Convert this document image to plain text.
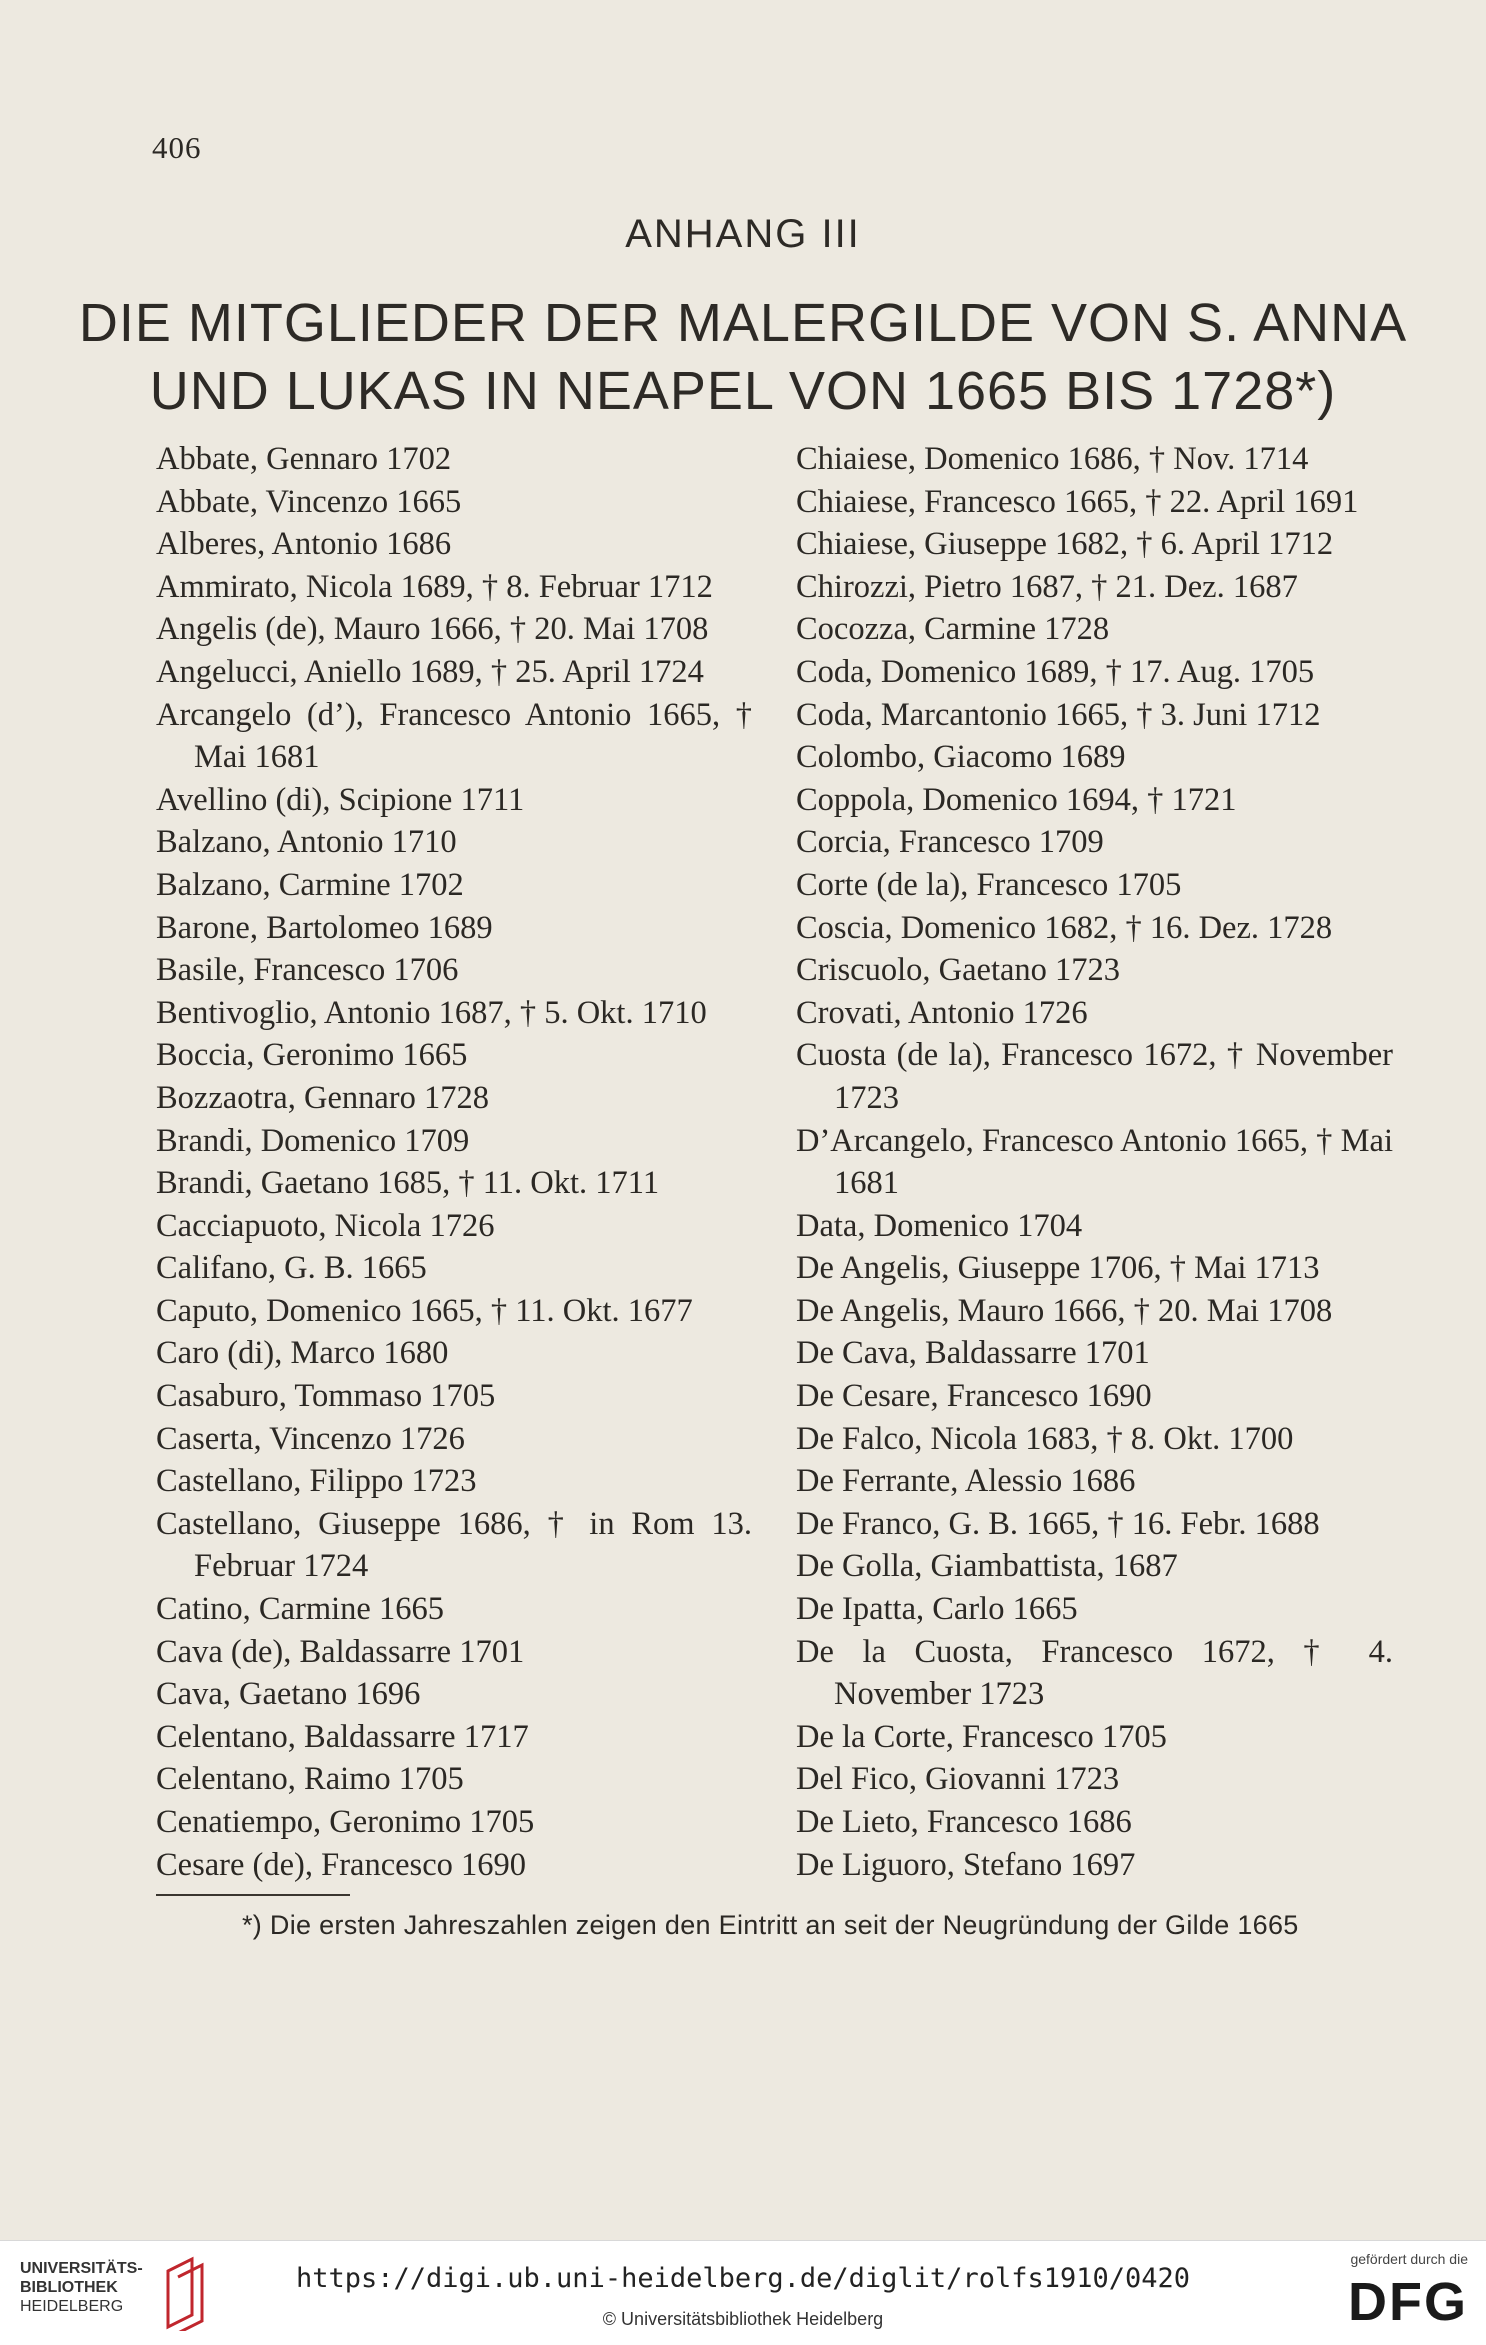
406
ANHANG III
DIE MITGLIEDER DER MALERGILDE VON S. ANNA
UND LUKAS IN NEAPEL VON 1665 BIS 1728*)
Abbate, Gennaro 1702
Abbate, Vincenzo 1665
Alberes, Antonio 1686
Ammirato, Nicola 1689, † 8. Februar 1712
Angelis (de), Mauro 1666, † 20. Mai 1708
Angelucci, Aniello 1689, † 25. April 1724
Arcangelo (d’), Francesco Antonio 1665, † Mai 1681
Avellino (di), Scipione 1711
Balzano, Antonio 1710
Balzano, Carmine 1702
Barone, Bartolomeo 1689
Basile, Francesco 1706
Bentivoglio, Antonio 1687, † 5. Okt. 1710
Boccia, Geronimo 1665
Bozzaotra, Gennaro 1728
Brandi, Domenico 1709
Brandi, Gaetano 1685, † 11. Okt. 1711
Cacciapuoto, Nicola 1726
Califano, G. B. 1665
Caputo, Domenico 1665, † 11. Okt. 1677
Caro (di), Marco 1680
Casaburo, Tommaso 1705
Caserta, Vincenzo 1726
Castellano, Filippo 1723
Castellano, Giuseppe 1686, † in Rom 13. Februar 1724
Catino, Carmine 1665
Cava (de), Baldassarre 1701
Cava, Gaetano 1696
Celentano, Baldassarre 1717
Celentano, Raimo 1705
Cenatiempo, Geronimo 1705
Cesare (de), Francesco 1690
Chiaiese, Domenico 1686, † Nov. 1714
Chiaiese, Francesco 1665, † 22. April 1691
Chiaiese, Giuseppe 1682, † 6. April 1712
Chirozzi, Pietro 1687, † 21. Dez. 1687
Cocozza, Carmine 1728
Coda, Domenico 1689, † 17. Aug. 1705
Coda, Marcantonio 1665, † 3. Juni 1712
Colombo, Giacomo 1689
Coppola, Domenico 1694, † 1721
Corcia, Francesco 1709
Corte (de la), Francesco 1705
Coscia, Domenico 1682, † 16. Dez. 1728
Criscuolo, Gaetano 1723
Crovati, Antonio 1726
Cuosta (de la), Francesco 1672, † November 1723
D’Arcangelo, Francesco Antonio 1665, † Mai 1681
Data, Domenico 1704
De Angelis, Giuseppe 1706, † Mai 1713
De Angelis, Mauro 1666, † 20. Mai 1708
De Cava, Baldassarre 1701
De Cesare, Francesco 1690
De Falco, Nicola 1683, † 8. Okt. 1700
De Ferrante, Alessio 1686
De Franco, G. B. 1665, † 16. Febr. 1688
De Golla, Giambattista, 1687
De Ipatta, Carlo 1665
De la Cuosta, Francesco 1672, † 4. November 1723
De la Corte, Francesco 1705
Del Fico, Giovanni 1723
De Lieto, Francesco 1686
De Liguoro, Stefano 1697
*) Die ersten Jahreszahlen zeigen den Eintritt an seit der Neugründung der Gilde 1665
UNIVERSITÄTS-
BIBLIOTHEK
HEIDELBERG
https://digi.ub.uni-heidelberg.de/diglit/rolfs1910/0420
© Universitätsbibliothek Heidelberg
gefördert durch die
DFG
